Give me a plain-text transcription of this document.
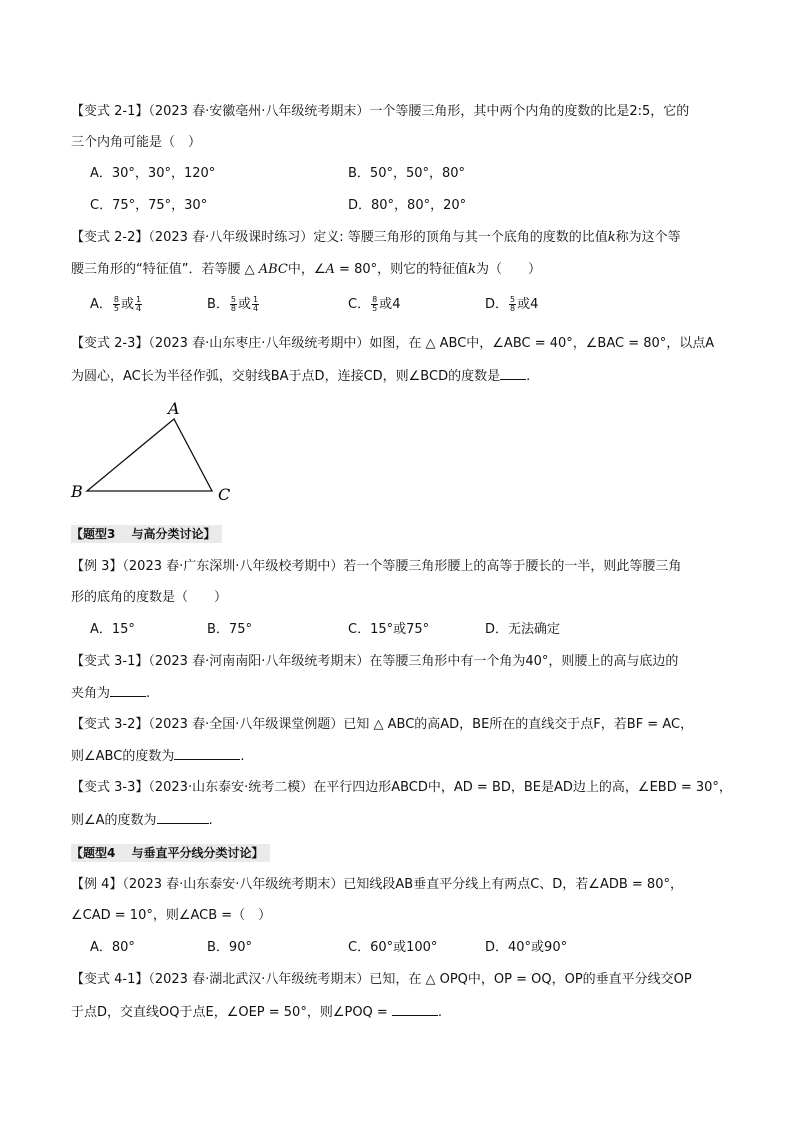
【变式 2-1】（2023 春·安徽亳州·八年级统考期末）一个等腰三角形，其中两个内角的度数的比是2:5，它的
三个内角可能是（　）
A．30°，30°，120°	B．50°，50°，80°
C．75°，75°，30°	D．80°，80°，20°
【变式 2-2】（2023 春·八年级课时练习）定义: 等腰三角形的顶角与其一个底角的度数的比值k称为这个等
腰三角形的“特征值”．若等腰 △ ABC中，∠A = 80°，则它的特征值k为（　　）
A． $\frac{8}{5}$ 或 $\frac{1}{4}$	B． $\frac{5}{8}$ 或 $\frac{1}{4}$	C． $\frac{8}{5}$ 或4	D． $\frac{5}{8}$ 或4
【变式 2-3】（2023 春·山东枣庄·八年级统考期中）如图，在 △ ABC中，∠ABC = 40°，∠BAC = 80°，以点A
为圆心，AC长为半径作弧，交射线BA于点D，连接CD，则∠BCD的度数是 .
A
B	C
【题型3　 与高分类讨论】
【例 3】（2023 春·广东深圳·八年级校考期中）若一个等腰三角形腰上的高等于腰长的一半，则此等腰三角
形的底角的度数是（　　）
A．15°	B．75°	C．15°或75°	D．无法确定
【变式 3-1】（2023 春·河南南阳·八年级统考期末）在等腰三角形中有一个角为40°，则腰上的高与底边的
夹角为	.
【变式 3-2】（2023 春·全国·八年级课堂例题）已知 △ ABC的高AD，BE所在的直线交于点F，若BF = AC，
则∠ABC的度数为	.
【变式 3-3】（2023·山东泰安·统考二模）在平行四边形ABCD中，AD = BD，BE是AD边上的高，∠EBD = 30°，
则∠A的度数为	.
【题型4　 与垂直平分线分类讨论】
【例 4】（2023 春·山东泰安·八年级统考期末）已知线段AB垂直平分线上有两点C、D，若∠ADB = 80°，
∠CAD = 10°，则∠ACB =（　）
A．80°	B．90°	C．60°或100°	D．40°或90°
【变式 4-1】（2023 春·湖北武汉·八年级统考期末）已知，在 △ OPQ中，OP = OQ，OP的垂直平分线交OP
于点D，交直线OQ于点E，∠OEP = 50°，则∠POQ =	.
